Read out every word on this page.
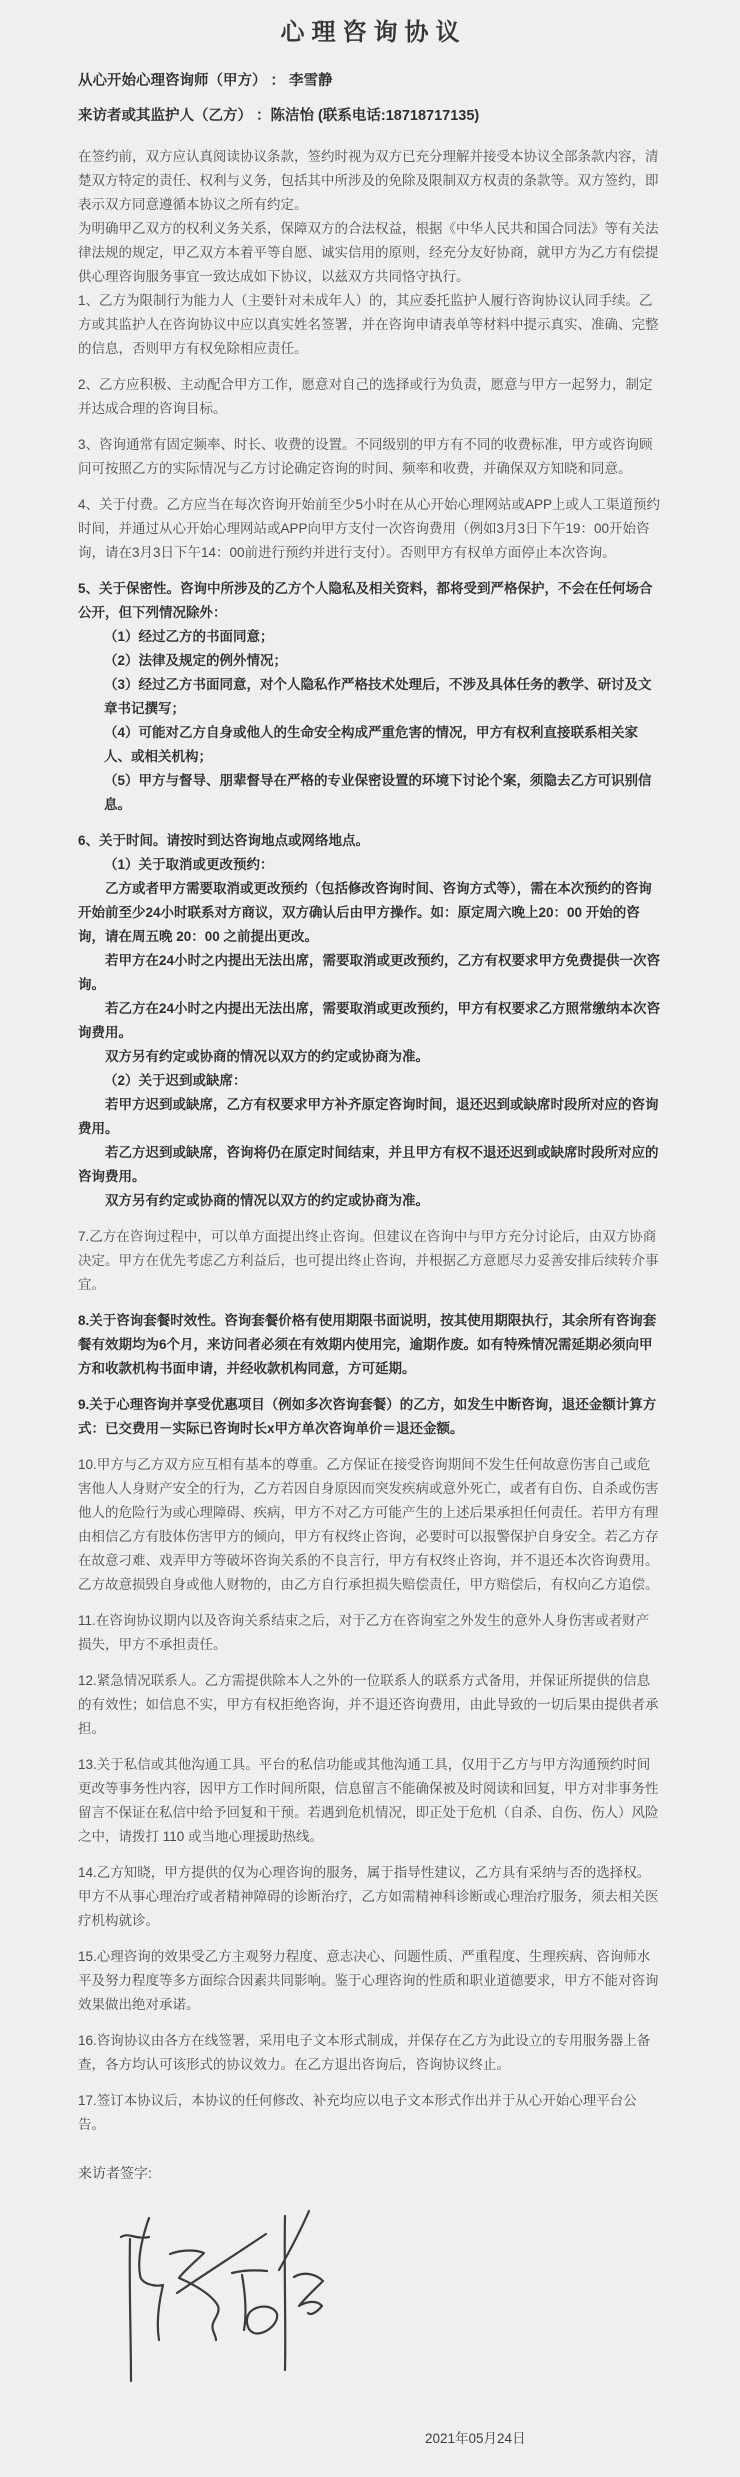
心理咨询协议

从心开始心理咨询师（甲方） ： 李雪静

来访者或其监护人（乙方） ：陈洁怡 (联系电话:18718717135)

在签约前，双方应认真阅读协议条款，签约时视为双方已充分理解并接受本协议全部条款内容，清楚双方特定的责任、权利与义务，包括其中所涉及的免除及限制双方权责的条款等。双方签约，即表示双方同意遵循本协议之所有约定。

为明确甲乙双方的权利义务关系，保障双方的合法权益，根据《中华人民共和国合同法》等有关法律法规的规定，甲乙双方本着平等自愿、诚实信用的原则，经充分友好协商，就甲方为乙方有偿提供心理咨询服务事宜一致达成如下协议，以兹双方共同恪守执行。

1、乙方为限制行为能力人（主要针对未成年人）的，其应委托监护人履行咨询协议认同手续。乙方或其监护人在咨询协议中应以真实姓名签署，并在咨询申请表单等材料中提示真实、准确、完整的信息，否则甲方有权免除相应责任。

2、乙方应积极、主动配合甲方工作，愿意对自己的选择或行为负责，愿意与甲方一起努力，制定并达成合理的咨询目标。

3、咨询通常有固定频率、时长、收费的设置。不同级别的甲方有不同的收费标准，甲方或咨询顾问可按照乙方的实际情况与乙方讨论确定咨询的时间、频率和收费，并确保双方知晓和同意。

4、关于付费。乙方应当在每次咨询开始前至少5小时在从心开始心理网站或APP上或人工渠道预约时间，并通过从心开始心理网站或APP向甲方支付一次咨询费用（例如3月3日下午19：00开始咨询，请在3月3日下午14：00前进行预约并进行支付）。否则甲方有权单方面停止本次咨询。

5、关于保密性。咨询中所涉及的乙方个人隐私及相关资料，都将受到严格保护，不会在任何场合公开，但下列情况除外：

（1）经过乙方的书面同意；

（2）法律及规定的例外情况；

（3）经过乙方书面同意，对个人隐私作严格技术处理后，不涉及具体任务的教学、研讨及文章书记撰写；

（4）可能对乙方自身或他人的生命安全构成严重危害的情况，甲方有权利直接联系相关家人、或相关机构；

（5）甲方与督导、朋辈督导在严格的专业保密设置的环境下讨论个案，须隐去乙方可识别信息。

6、关于时间。请按时到达咨询地点或网络地点。

（1）关于取消或更改预约：

乙方或者甲方需要取消或更改预约（包括修改咨询时间、咨询方式等），需在本次预约的咨询开始前至少24小时联系对方商议，双方确认后由甲方操作。如：原定周六晚上20：00 开始的咨询，请在周五晚 20：00 之前提出更改。

若甲方在24小时之内提出无法出席，需要取消或更改预约，乙方有权要求甲方免费提供一次咨询。

若乙方在24小时之内提出无法出席，需要取消或更改预约，甲方有权要求乙方照常缴纳本次咨询费用。

双方另有约定或协商的情况以双方的约定或协商为准。

（2）关于迟到或缺席：

若甲方迟到或缺席，乙方有权要求甲方补齐原定咨询时间，退还迟到或缺席时段所对应的咨询费用。

若乙方迟到或缺席，咨询将仍在原定时间结束，并且甲方有权不退还迟到或缺席时段所对应的咨询费用。

双方另有约定或协商的情况以双方的约定或协商为准。

7.乙方在咨询过程中，可以单方面提出终止咨询。但建议在咨询中与甲方充分讨论后，由双方协商决定。甲方在优先考虑乙方利益后，也可提出终止咨询，并根据乙方意愿尽力妥善安排后续转介事宜。

8.关于咨询套餐时效性。咨询套餐价格有使用期限书面说明，按其使用期限执行，其余所有咨询套餐有效期均为6个月，来访问者必须在有效期内使用完，逾期作废。如有特殊情况需延期必须向甲方和收款机构书面申请，并经收款机构同意，方可延期。

9.关于心理咨询并享受优惠项目（例如多次咨询套餐）的乙方，如发生中断咨询，退还金额计算方式：已交费用－实际已咨询时长x甲方单次咨询单价＝退还金额。

10.甲方与乙方双方应互相有基本的尊重。乙方保证在接受咨询期间不发生任何故意伤害自己或危害他人人身财产安全的行为，乙方若因自身原因而突发疾病或意外死亡，或者有自伤、自杀或伤害他人的危险行为或心理障碍、疾病，甲方不对乙方可能产生的上述后果承担任何责任。若甲方有理由相信乙方有肢体伤害甲方的倾向，甲方有权终止咨询，必要时可以报警保护自身安全。若乙方存在故意刁难、戏弄甲方等破坏咨询关系的不良言行，甲方有权终止咨询，并不退还本次咨询费用。乙方故意损毁自身或他人财物的，由乙方自行承担损失赔偿责任，甲方赔偿后，有权向乙方追偿。

11.在咨询协议期内以及咨询关系结束之后，对于乙方在咨询室之外发生的意外人身伤害或者财产损失，甲方不承担责任。

12.紧急情况联系人。乙方需提供除本人之外的一位联系人的联系方式备用，并保证所提供的信息的有效性；如信息不实，甲方有权拒绝咨询，并不退还咨询费用，由此导致的一切后果由提供者承担。

13.关于私信或其他沟通工具。平台的私信功能或其他沟通工具，仅用于乙方与甲方沟通预约时间更改等事务性内容，因甲方工作时间所限，信息留言不能确保被及时阅读和回复，甲方对非事务性留言不保证在私信中给予回复和干预。若遇到危机情况，即正处于危机（自杀、自伤、伤人）风险之中，请拨打 110 或当地心理援助热线。

14.乙方知晓，甲方提供的仅为心理咨询的服务，属于指导性建议，乙方具有采纳与否的选择权。甲方不从事心理治疗或者精神障碍的诊断治疗，乙方如需精神科诊断或心理治疗服务，须去相关医疗机构就诊。

15.心理咨询的效果受乙方主观努力程度、意志决心、问题性质、严重程度、生理疾病、咨询师水平及努力程度等多方面综合因素共同影响。鉴于心理咨询的性质和职业道德要求，甲方不能对咨询效果做出绝对承诺。

16.咨询协议由各方在线签署，采用电子文本形式制成，并保存在乙方为此设立的专用服务器上备查，各方均认可该形式的协议效力。在乙方退出咨询后，咨询协议终止。

17.签订本协议后，本协议的任何修改、补充均应以电子文本形式作出并于从心开始心理平台公告。

来访者签字:

2021年05月24日
